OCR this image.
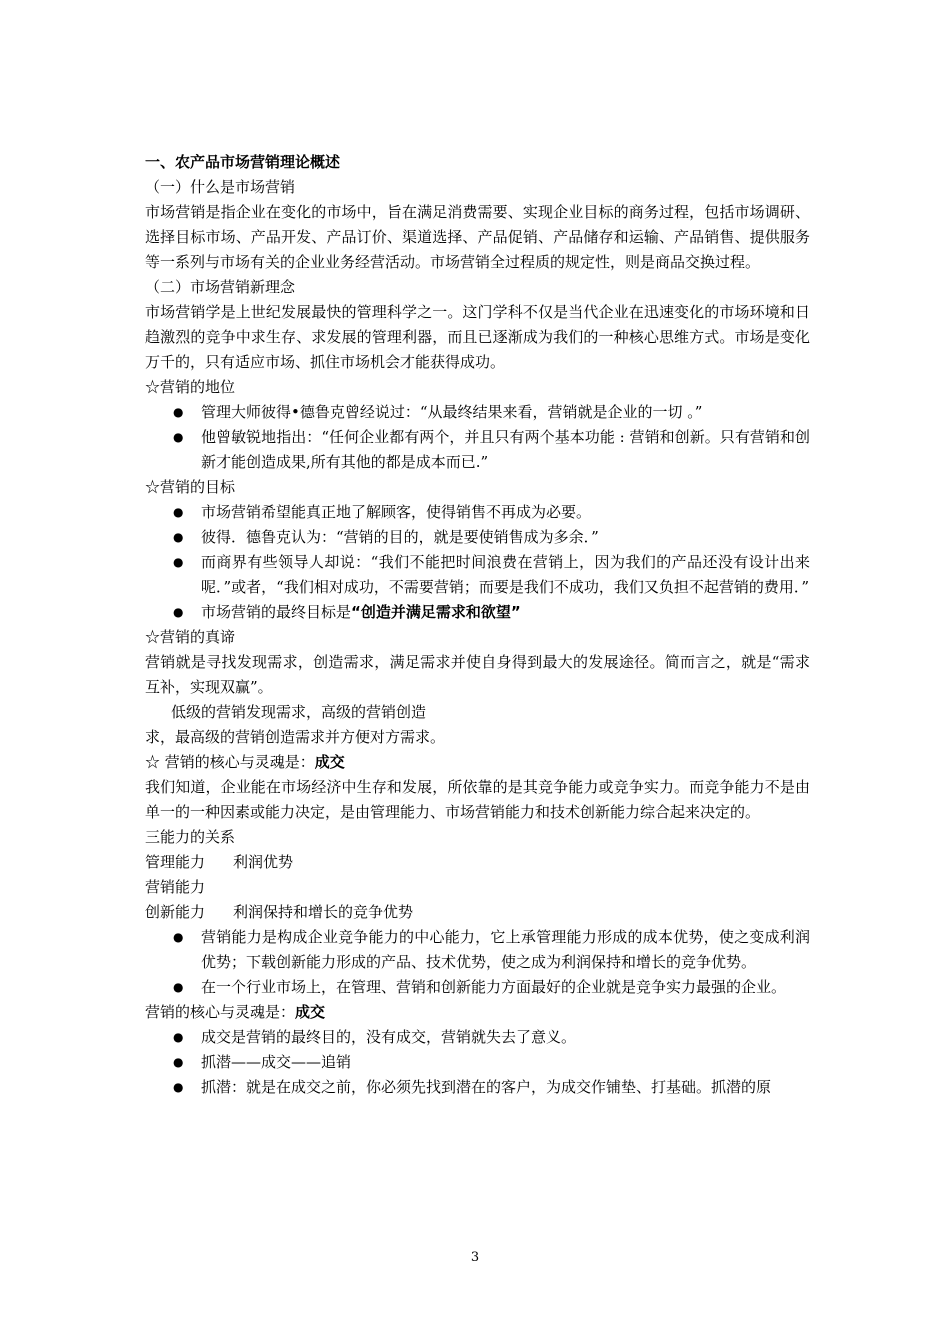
一、农产品市场营销理论概述

（一）什么是市场营销

市场营销是指企业在变化的市场中，旨在满足消费需要、实现企业目标的商务过程，包括市场调研、选择目标市场、产品开发、产品订价、渠道选择、产品促销、产品储存和运输、产品销售、提供服务等一系列与市场有关的企业业务经营活动。市场营销全过程质的规定性，则是商品交换过程。

（二）市场营销新理念

市场营销学是上世纪发展最快的管理科学之一。这门学科不仅是当代企业在迅速变化的市场环境和日趋激烈的竞争中求生存、求发展的管理利器，而且已逐渐成为我们的一种核心思维方式。市场是变化万千的，只有适应市场、抓住市场机会才能获得成功。

☆营销的地位

● 管理大师彼得•德鲁克曾经说过：“从最终结果来看，营销就是企业的一切 。”
● 他曾敏锐地指出：“任何企业都有两个，并且只有两个基本功能 : 营销和创新。只有营销和创新才能创造成果,所有其他的都是成本而已.”

☆营销的目标

● 市场营销希望能真正地了解顾客，使得销售不再成为必要。
● 彼得．德鲁克认为：“营销的目的，就是要使销售成为多余．”
● 而商界有些领导人却说：“我们不能把时间浪费在营销上，因为我们的产品还没有设计出来呢．”或者，“我们相对成功，不需要营销；而要是我们不成功，我们又负担不起营销的费用．”
● 市场营销的最终目标是“创造并满足需求和欲望”

☆营销的真谛

营销就是寻找发现需求，创造需求，满足需求并使自身得到最大的发展途径。简而言之，就是“需求互补，实现双赢”。

低级的营销发现需求，高级的营销创造

求，最高级的营销创造需求并方便对方需求。

☆ 营销的核心与灵魂是：成交

我们知道，企业能在市场经济中生存和发展，所依靠的是其竞争能力或竞争实力。而竞争能力不是由单一的一种因素或能力决定，是由管理能力、市场营销能力和技术创新能力综合起来决定的。

三能力的关系

管理能力 利润优势

营销能力

创新能力 利润保持和增长的竞争优势

● 营销能力是构成企业竞争能力的中心能力，它上承管理能力形成的成本优势，使之变成利润优势；下载创新能力形成的产品、技术优势，使之成为利润保持和增长的竞争优势。
● 在一个行业市场上，在管理、营销和创新能力方面最好的企业就是竞争实力最强的企业。

营销的核心与灵魂是：成交

● 成交是营销的最终目的，没有成交，营销就失去了意义。
● 抓潜——成交——追销
● 抓潜：就是在成交之前，你必须先找到潜在的客户，为成交作铺垫、打基础。抓潜的原
3
